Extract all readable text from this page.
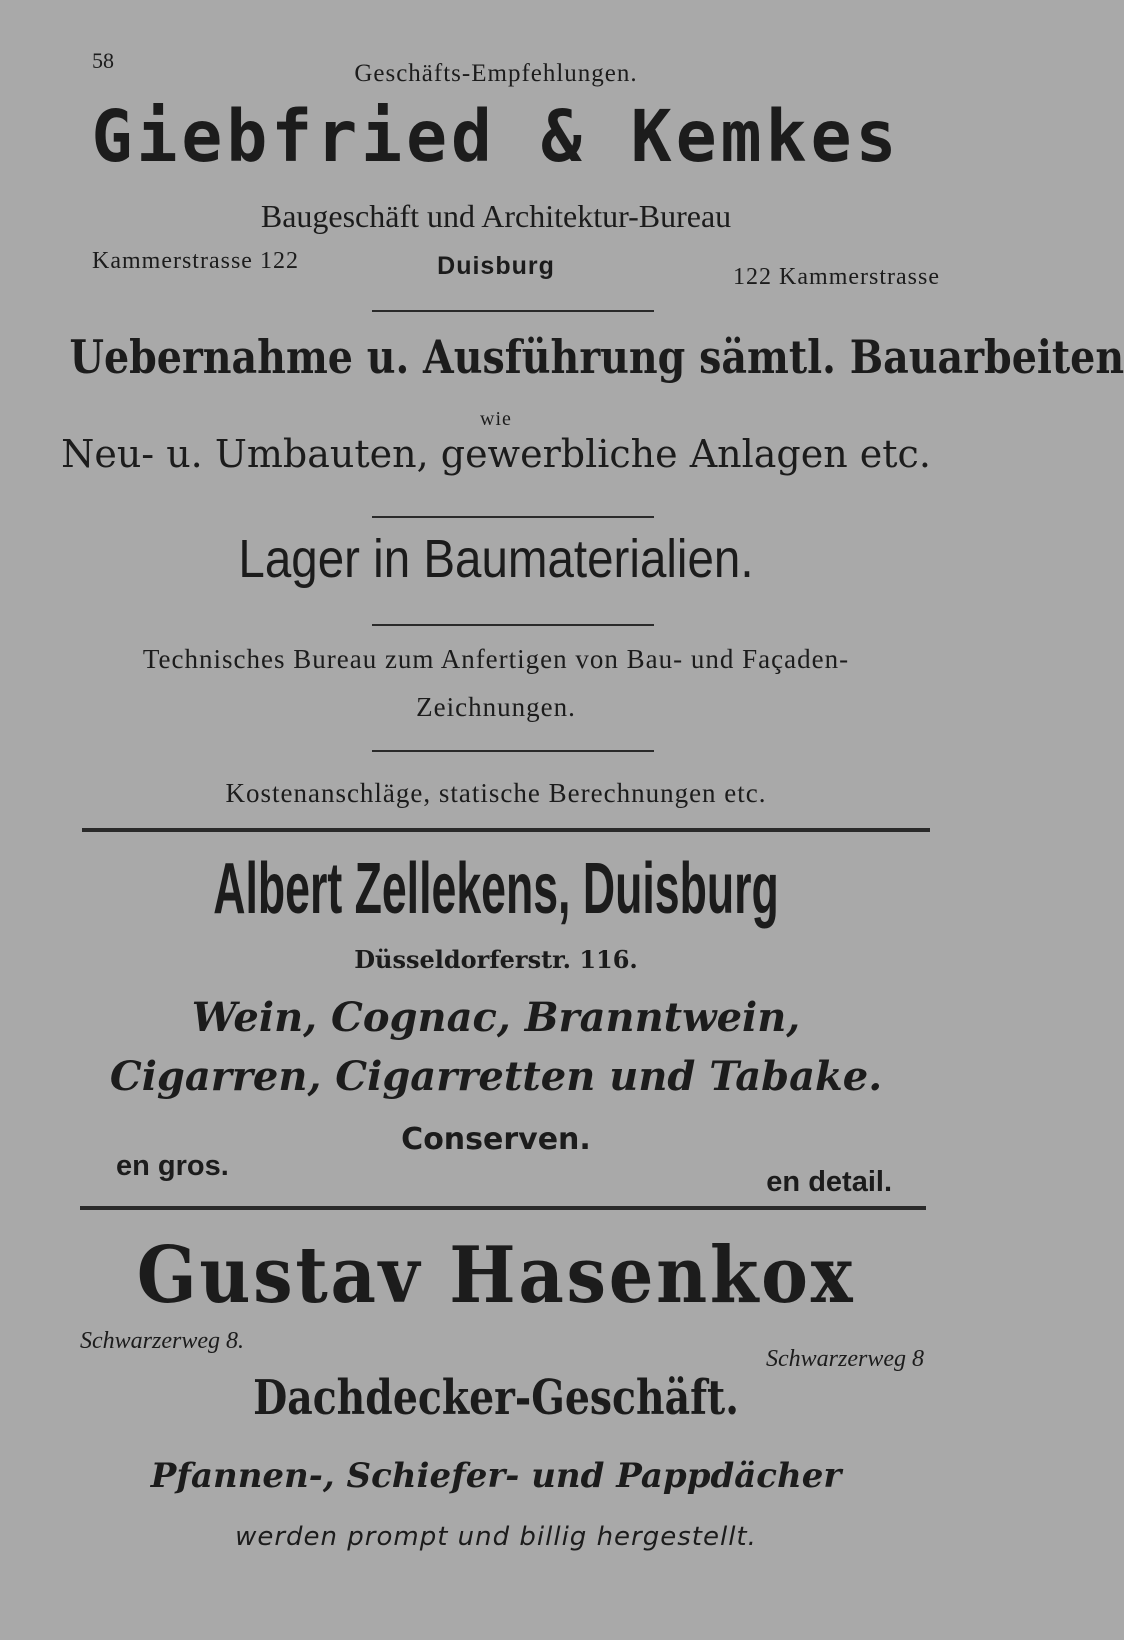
58	Geschäfts-Empfehlungen.
Giebfried & Kemkes
Baugeschäft und Architektur-Bureau
Kammerstrasse 122	Duisburg	122 Kammerstrasse
Uebernahme u. Ausführung sämtl. Bauarbeiten
wie
Neu- u. Umbauten, gewerbliche Anlagen etc.
Lager in Baumaterialien.
Technisches Bureau zum Anfertigen von Bau- und Façaden-
Zeichnungen.
Kostenanschläge, statische Berechnungen etc.
Albert Zellekens, Duisburg
Düsseldorferstr. 116.
Wein, Cognac, Branntwein,
Cigarren, Cigarretten und Tabake.
Conserven.
en gros.	en detail.
Gustav Hasenkox
Schwarzerweg 8.
Schwarzerweg 8
Dachdecker-Geschäft.
Pfannen-, Schiefer- und Pappdächer
werden prompt und billig hergestellt.
